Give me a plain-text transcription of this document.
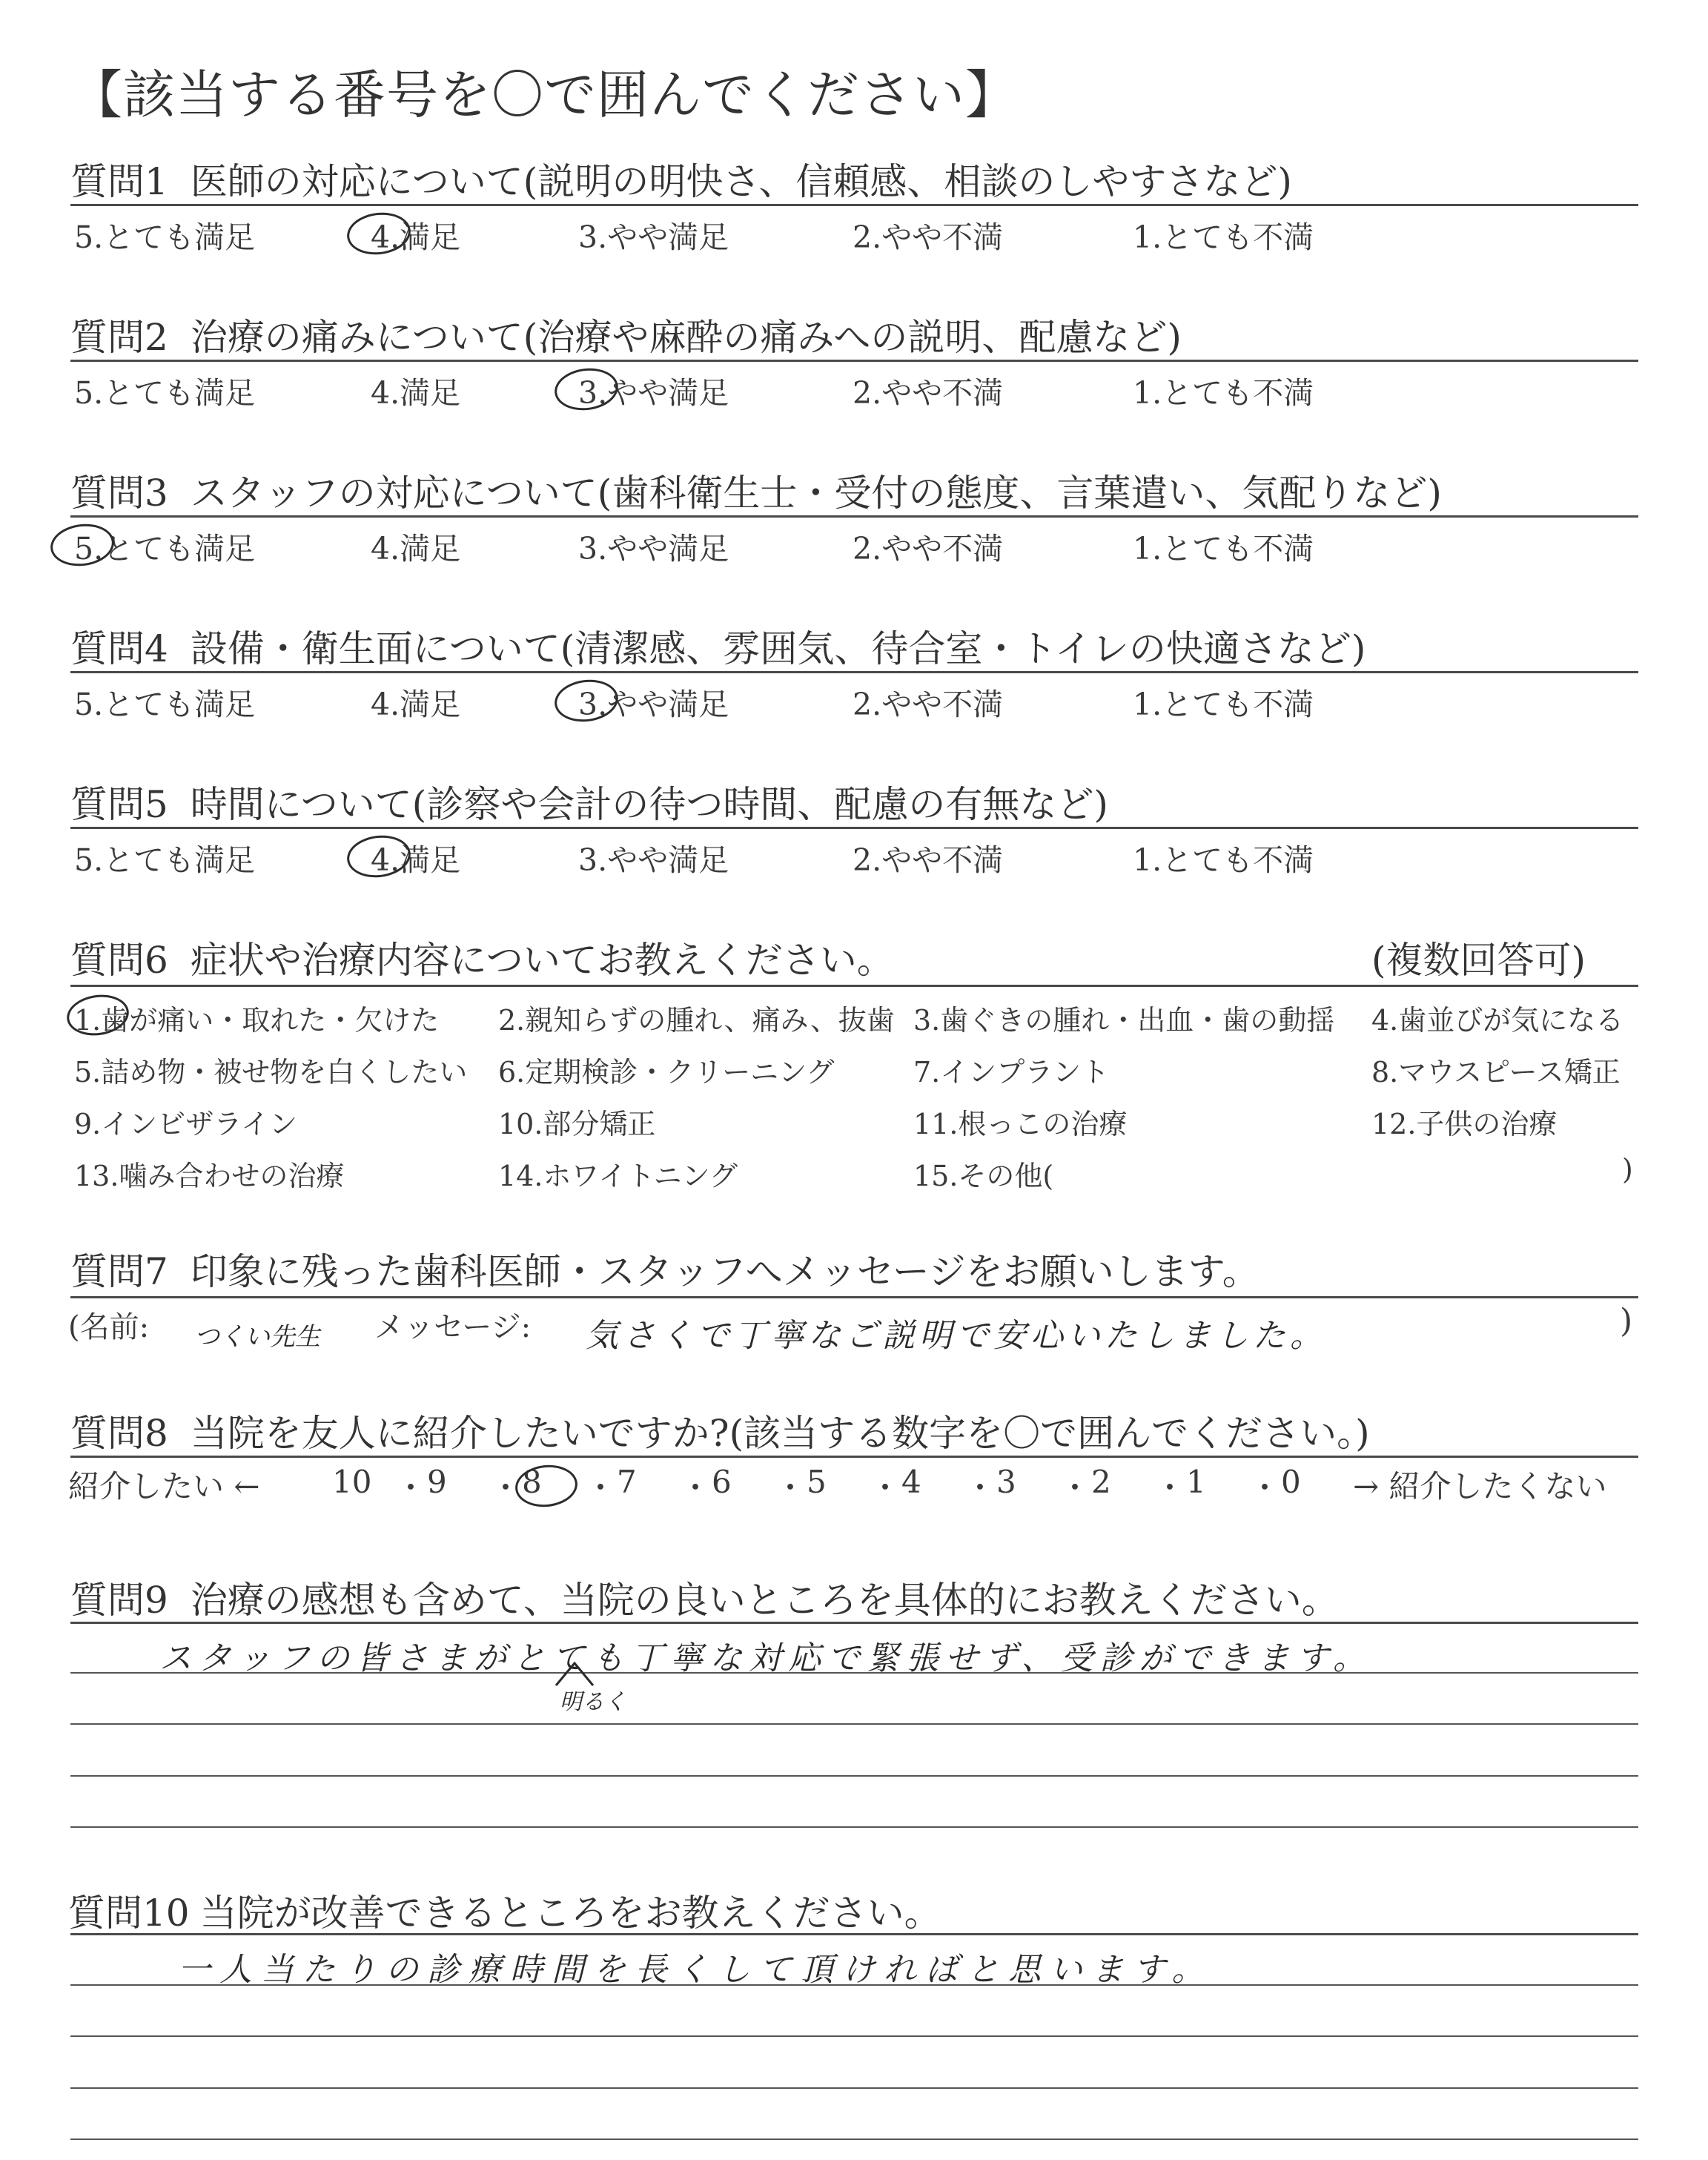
【該当する番号を〇で囲んでください】
質問1 医師の対応について(説明の明快さ、信頼感、相談のしやすさなど)
5.とても満足	4.満足	3.やや満足	2.やや不満	1.とても不満
質問2 治療の痛みについて(治療や麻酔の痛みへの説明、配慮など)
5.とても満足	4.満足	3.やや満足	2.やや不満	1.とても不満
質問3 スタッフの対応について(歯科衛生士・受付の態度、言葉遣い、気配りなど)
5.とても満足	4.満足	3.やや満足	2.やや不満	1.とても不満
質問4 設備・衛生面について(清潔感、雰囲気、待合室・トイレの快適さなど)
5.とても満足	4.満足	3.やや満足	2.やや不満	1.とても不満
質問5 時間について(診察や会計の待つ時間、配慮の有無など)
5.とても満足	4.満足	3.やや満足	2.やや不満	1.とても不満
質問6 症状や治療内容についてお教えください。	(複数回答可)
1.歯が痛い・取れた・欠けた 2.親知らずの腫れ、痛み、抜歯 3.歯ぐきの腫れ・出血・歯の動揺 4.歯並びが気になる
5.詰め物・被せ物を白くしたい 6.定期検診・クリーニング	7.インプラント	8.マウスピース矯正
9.インビザライン	10.部分矯正	11.根っこの治療	12.子供の治療
13.噛み合わせの治療	14.ホワイトニング	15.その他(	)
質問7 印象に残った歯科医師・スタッフへメッセージをお願いします。
(名前: つくい先生 メッセージ: 気さくで丁寧なご説明で安心いたしました。	)
質問8 当院を友人に紹介したいですか?(該当する数字を〇で囲んでください。)
紹介したい ←	→ 紹介したくない
10 ・ 9 ・ 8 ・ 7 ・ 6 ・ 5 ・ 4 ・ 3 ・ 2 ・ 1 ・ 0
質問9 治療の感想も含めて、当院の良いところを具体的にお教えください。
スタッフの皆さまがとても丁寧な対応で緊張せず、受診ができます。
明るく
質問10 当院が改善できるところをお教えください。
一人当たりの診療時間を長くして頂ければと思います。
